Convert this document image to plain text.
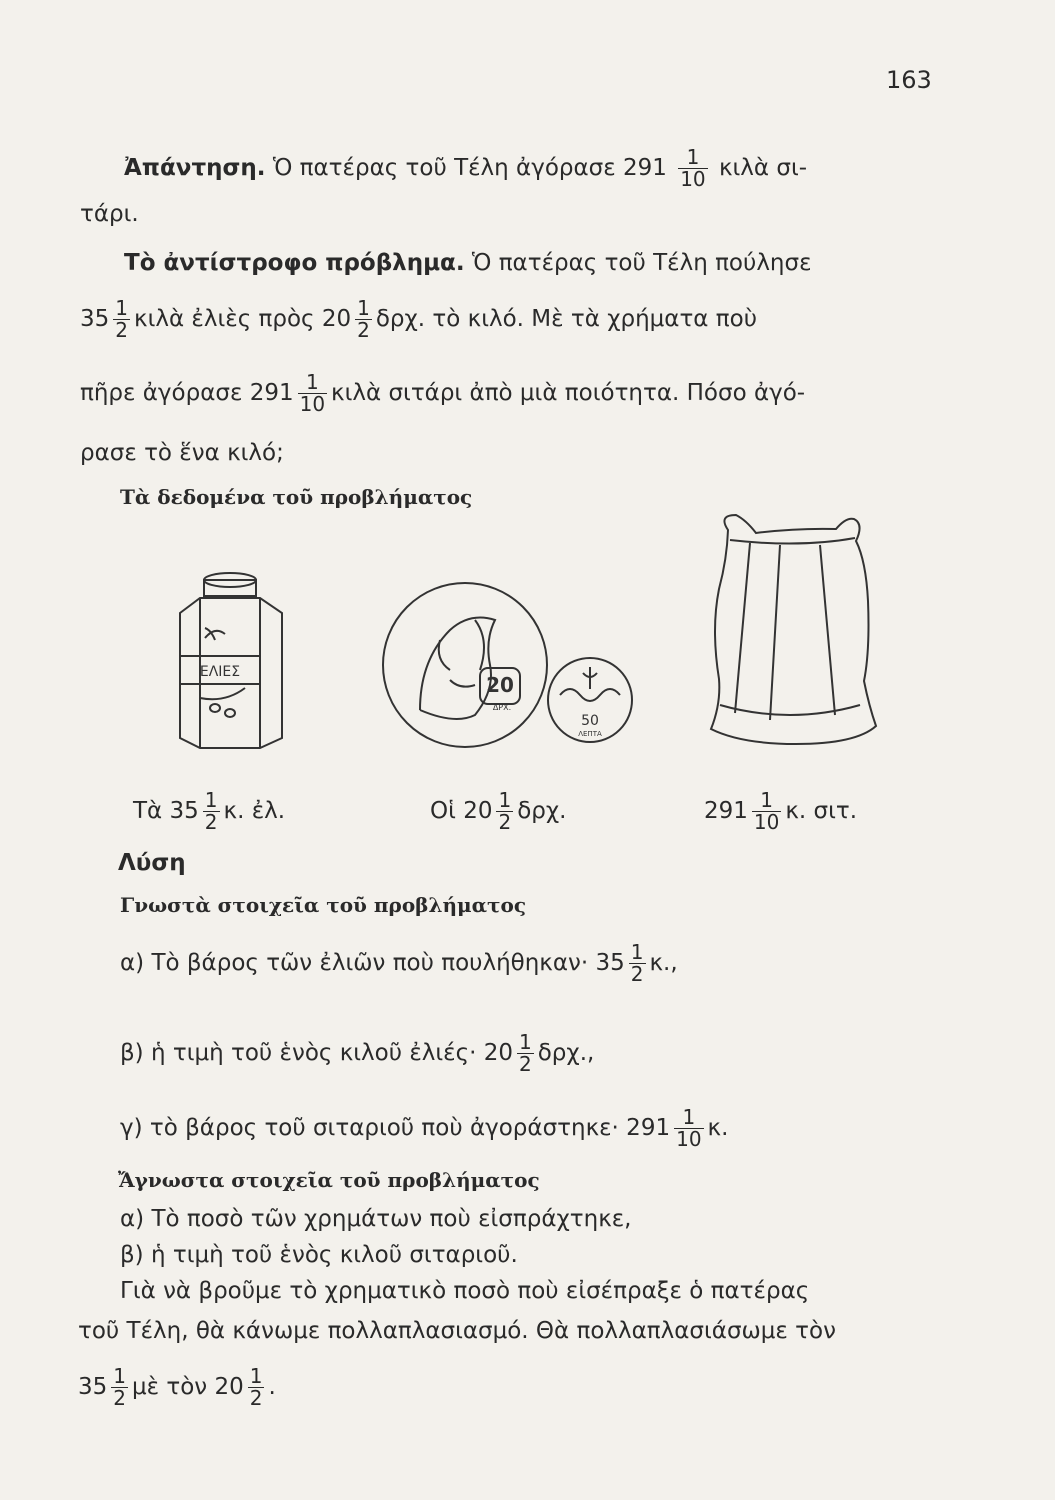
163
Ἀπάντηση. Ὁ πατέρας τοῦ Τέλη ἀγόρασε $291 \frac{1}{10}$ κιλὰ σι-
τάρι.
Τὸ ἀντίστροφο πρόβλημα. Ὁ πατέρας τοῦ Τέλη πούλησε
$35 \frac{1}{2}$ κιλὰ ἐλιὲς πρὸς $20 \frac{1}{2} \delta\rho\chi$. τὸ κιλό. Μὲ τὰ χρήματα ποὺ
πῆρε ἀγόρασε $291 \frac{1}{10}$ κιλὰ σιτάρι ἀπὸ μιὰ ποιότητα. Πόσο ἀγό-
ρασε τὸ ἕνα κιλό;
Τὰ δεδομένα τοῦ προβλήματος
ΕΛΙΕΣ
20
ΔΡΧ.
50
ΛΕΠΤΑ
Τὰ $35 \frac{1}{2} \kappa$. ἐλ.	Οἱ $20 \frac{1}{2} \delta\rho\chi$.	$291 \frac{1}{10} \kappa$. σιτ.
Λύση
Γνωστὰ στοιχεῖα τοῦ προβλήματος
α) Τὸ βάρος τῶν ἐλιῶν ποὺ $\pi o\upsilon\lambda ή\theta\eta\kappa\alpha\nu\cdot 35 \frac{1}{2} \kappa$.,
β) ἡ τιμὴ τοῦ ἑνὸς κιλοῦ ἐλιές· $20 \frac{1}{2} \delta\rho\chi$.,
γ) τὸ βάρος τοῦ σιταριοῦ ποὺ ἀγοράστηκε· $291 \frac{1}{10} \kappa$.
Ἄγνωστα στοιχεῖα τοῦ προβλήματος
α) Τὸ ποσὸ τῶν χρημάτων ποὺ εἰσπράχτηκε,
β) ἡ τιμὴ τοῦ ἑνὸς κιλοῦ σιταριοῦ.
Γιὰ νὰ βροῦμε τὸ χρηματικὸ ποσὸ ποὺ εἰσέπραξε ὁ πατέρας
τοῦ Τέλη, θὰ κάνωμε πολλαπλασιασμό. Θὰ πολλαπλασιάσωμε τὸν
$35 \frac{1}{2}$ μὲ τὸν $20 \frac{1}{2}$ .
